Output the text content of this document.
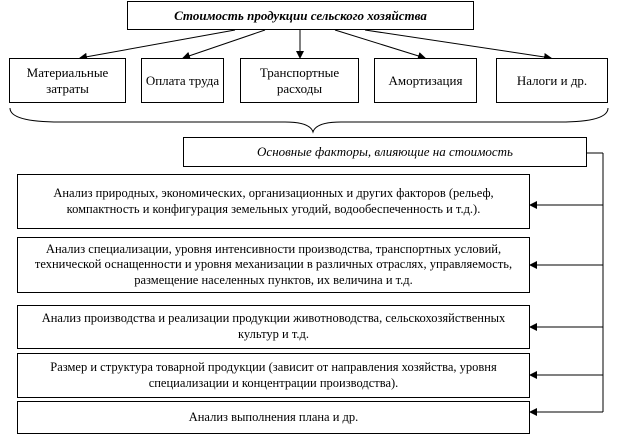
Стоимость продукции сельского хозяйства
Материальные затраты
Оплата труда
Транспортные расходы
Амортизация	Налоги и др.
Основные факторы, влияющие на стоимость
Анализ природных, экономических, организационных и других факторов (рельеф, компактность и конфигурация земельных угодий, водообеспеченность и т.д.).
Анализ специализации, уровня интенсивности производства, транспортных условий, технической оснащенности и уровня механизации в различных отраслях, управляемость, размещение населенных пунктов, их величина и т.д.
Анализ производства и реализации продукции животноводства, сельскохозяйственных культур и т.д.
Размер и структура товарной продукции (зависит от направления хозяйства, уровня специализации и концентрации производства).
Анализ выполнения плана и др.
